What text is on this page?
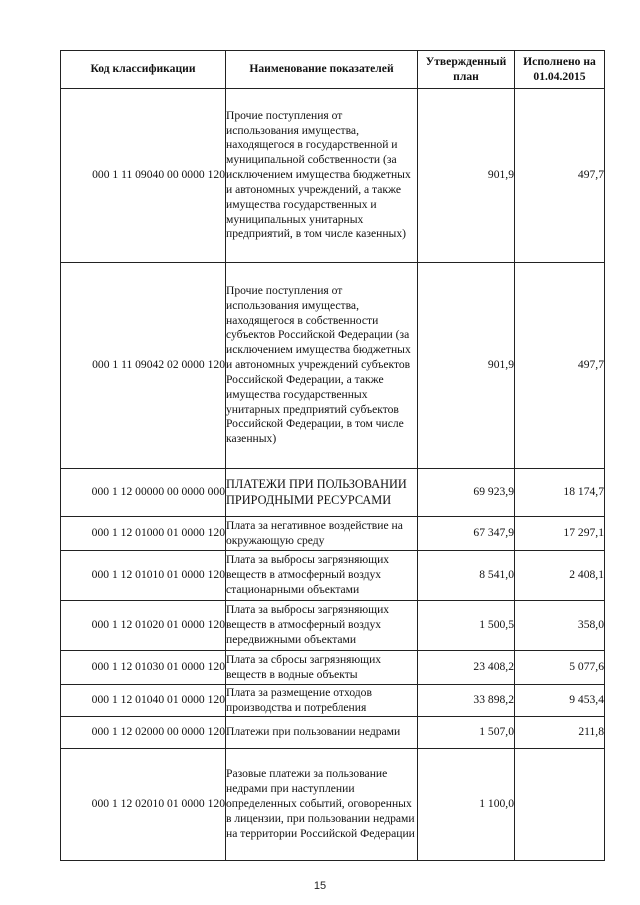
Код классификации	Наименование показателей	Утвержденный план	Исполнено на 01.04.2015
000 1 11 09040 00 0000 120	Прочие поступления от использования имущества, находящегося в государственной и муниципальной собственности (за исключением имущества бюджетных и автономных учреждений, а также имущества государственных и муниципальных унитарных предприятий, в том числе казенных)	901,9	497,7
000 1 11 09042 02 0000 120	Прочие поступления от использования имущества, находящегося в собственности субъектов Российской Федерации (за исключением имущества бюджетных и автономных учреждений субъектов Российской Федерации, а также имущества государственных унитарных предприятий субъектов Российской Федерации, в том числе казенных)	901,9	497,7
000 1 12 00000 00 0000 000	ПЛАТЕЖИ ПРИ ПОЛЬЗОВАНИИ ПРИРОДНЫМИ РЕСУРСАМИ	69 923,9	18 174,7
000 1 12 01000 01 0000 120	Плата за негативное воздействие на окружающую среду	67 347,9	17 297,1
000 1 12 01010 01 0000 120	Плата за выбросы загрязняющих веществ в атмосферный воздух стационарными объектами	8 541,0	2 408,1
000 1 12 01020 01 0000 120	Плата за выбросы загрязняющих веществ в атмосферный воздух передвижными объектами	1 500,5	358,0
000 1 12 01030 01 0000 120	Плата за сбросы загрязняющих веществ в водные объекты	23 408,2	5 077,6
000 1 12 01040 01 0000 120	Плата за размещение отходов производства и потребления	33 898,2	9 453,4
000 1 12 02000 00 0000 120	Платежи при пользовании недрами	1 507,0	211,8
000 1 12 02010 01 0000 120	Разовые платежи за пользование недрами при наступлении определенных событий, оговоренных в лицензии, при пользовании недрами на территории Российской Федерации	1 100,0	
15
